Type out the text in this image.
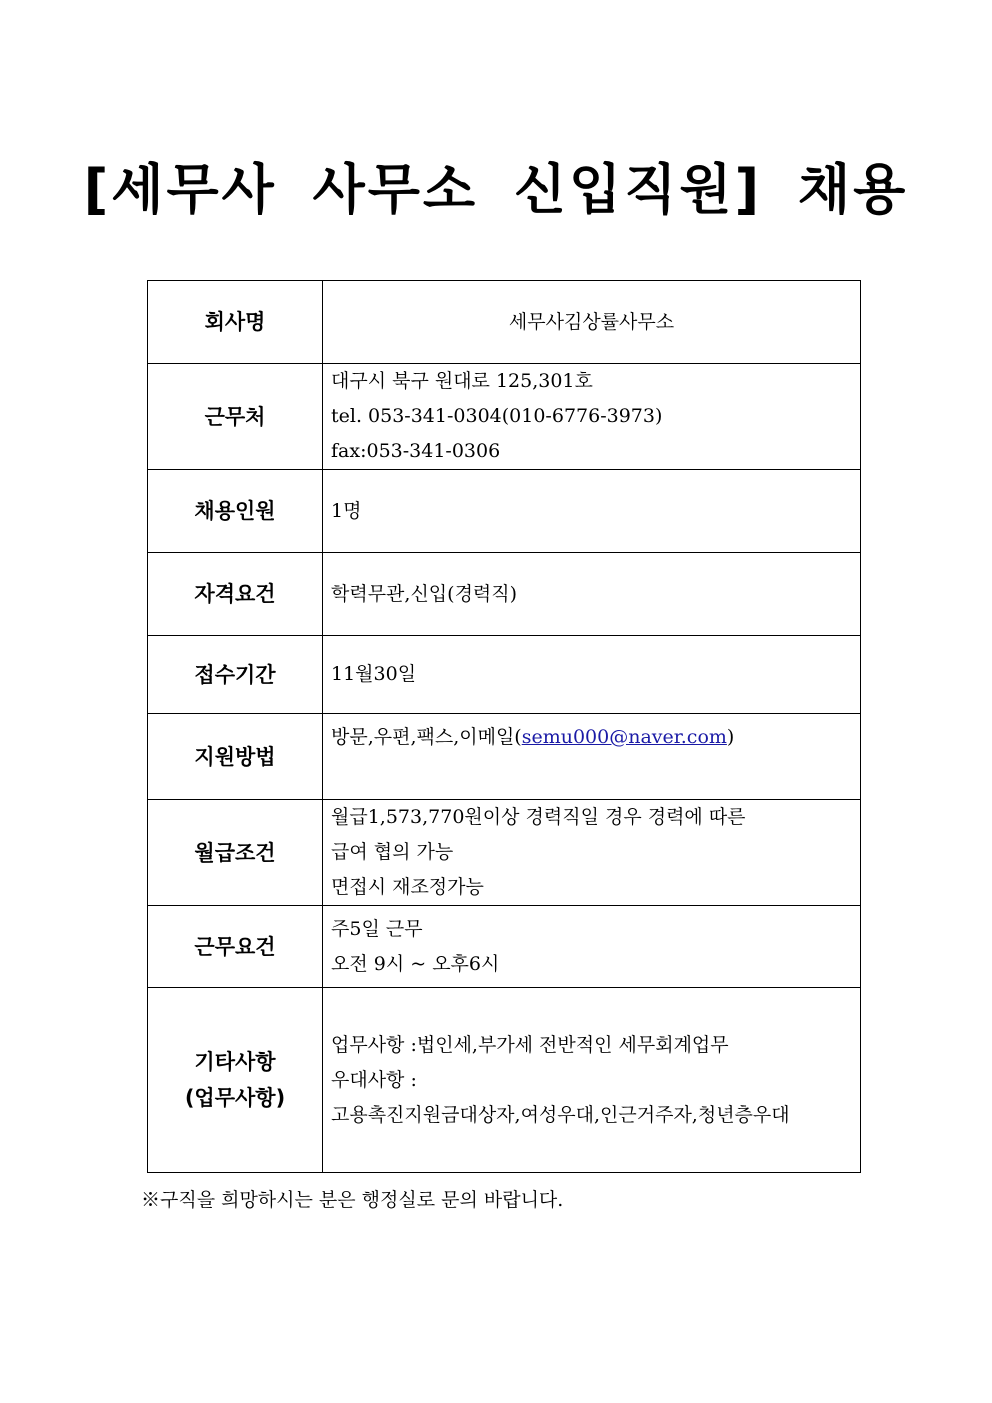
[세무사 사무소 신입직원] 채용
회사명	세무사김상률사무소
근무처	대구시 북구 원대로 125,301호
tel. 053-341-0304(010-6776-3973)
fax:053-341-0306

채용인원	1명
자격요건	학력무관,신입(경력직)
접수기간	11월30일
지원방법	방문,우편,팩스,이메일(semu000@naver.com)

월급조건	월급1,573,770원이상 경력직일 경우 경력에 따른
급여 협의 가능
면접시 재조정가능

근무요건	주5일 근무
오전 9시 ~ 오후6시

기타사항
(업무사항)	업무사항 :법인세,부가세 전반적인 세무회계업무
우대사항 :
고용촉진지원금대상자,여성우대,인근거주자,청년층우대

※구직을 희망하시는 분은 행정실로 문의 바랍니다.
